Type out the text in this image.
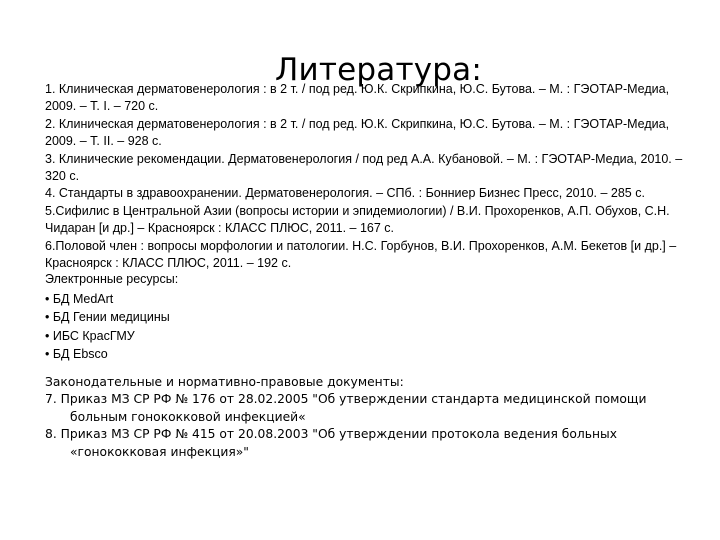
Литература:

1. Клиническая дерматовенерология : в 2 т. / под ред. Ю.К. Скрипкина, Ю.С. Бутова. – М. : ГЭОТАР-Медиа, 2009. – Т. I. – 720 с.

2. Клиническая дерматовенерология : в 2 т. / под ред. Ю.К. Скрипкина, Ю.С. Бутова. – М. : ГЭОТАР-Медиа, 2009. – Т. II. – 928 с.

3. Клинические рекомендации. Дерматовенерология / под ред А.А. Кубановой. – М. : ГЭОТАР-Медиа, 2010. – 320 с.

4. Стандарты в здравоохранении. Дерматовенерология. – СПб. : Бонниер Бизнес Пресс, 2010. – 285 с.

5.Сифилис в Центральной Азии (вопросы истории и эпидемиологии) / В.И. Прохоренков, А.П. Обухов, С.Н. Чидаран [и др.] – Красноярск : КЛАСС ПЛЮС, 2011. – 167 с.

6.Половой член : вопросы морфологии и патологии. Н.С. Горбунов, В.И. Прохоренков, А.М. Бекетов [и др.] – Красноярск : КЛАСС ПЛЮС, 2011. – 192 с.

Электронные ресурсы:

• БД MedArt

• БД Гении медицины

• ИБС КрасГМУ

• БД Ebsco

Законодательные и нормативно-правовые документы:

7. Приказ МЗ СР РФ № 176 от 28.02.2005 "Об утверждении стандарта медицинской помощи больным гонококковой инфекцией«

8. Приказ МЗ СР РФ № 415 от 20.08.2003 "Об утверждении протокола ведения больных «гонококковая инфекция»"
